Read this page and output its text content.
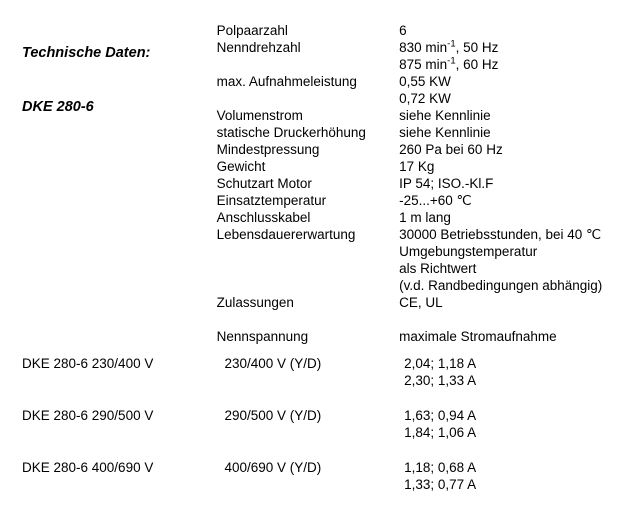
Technische Daten:

DKE 280-6

	Polpaarzahl	6

	Nenndrehzahl	830 $\min^{-1}$, 50 Hz
875 $\min^{-1}$, 60 Hz

	max. Aufnahmeleistung	0,55 KW
0,72 KW

	Volumenstrom	siehe Kennlinie

	statische Druckerhöhung	siehe Kennlinie

	Mindestpressung	260 Pa bei 60 Hz

	Gewicht	17 Kg

	Schutzart Motor	IP 54; ISO.-Kl.F

	Einsatztemperatur	-25...+60 ℃

	Anschlusskabel	1 m lang

	Lebensdauererwartung	30000 Betriebsstunden, bei 40 ℃
Umgebungstemperatur
als Richtwert
(v.d. Randbedingungen abhängig)

	Zulassungen	CE, UL

	Nennspannung	maximale Stromaufnahme
DKE 280-6 230/400 V	230/400 V (Y/D)	2,04; 1,18 A
2,30; 1,33 A

DKE 280-6 290/500 V	290/500 V (Y/D)	1,63; 0,94 A
1,84; 1,06 A

DKE 280-6 400/690 V	400/690 V (Y/D)	1,18; 0,68 A
1,33; 0,77 A
